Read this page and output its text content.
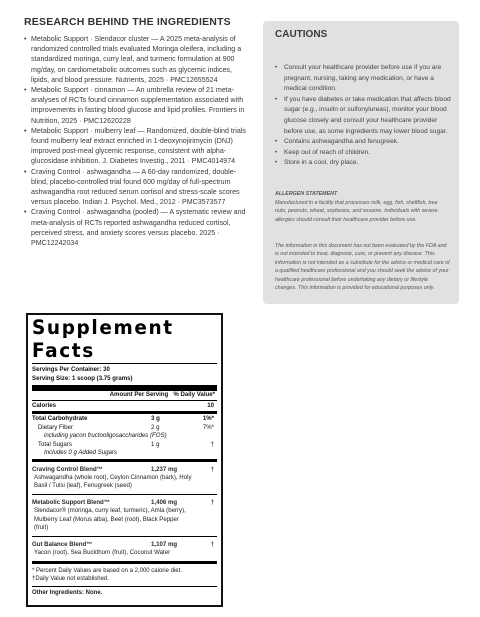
RESEARCH BEHIND THE INGREDIENTS
• Metabolic Support · Slendacor cluster — A 2025 meta-analysis of randomized controlled trials evaluated Moringa oleifera, including a standardized moringa, curry leaf, and turmeric formulation at 900 mg/day, on cardiometabolic outcomes such as glycemic indices, lipids, and blood pressure. Nutrients, 2025 · PMC12655524
• Metabolic Support · cinnamon — An umbrella review of 21 meta-analyses of RCTs found cinnamon supplementation associated with improvements in fasting blood glucose and lipid profiles. Frontiers in Nutrition, 2025 · PMC12620228
• Metabolic Support · mulberry leaf — Randomized, double-blind trials found mulberry leaf extract enriched in 1-deoxynojirimycin (DNJ) improved post-meal glycemic response, consistent with alpha-glucosidase inhibition. J. Diabetes Investig., 2011 · PMC4014974
• Craving Control · ashwagandha — A 60-day randomized, double-blind, placebo-controlled trial found 600 mg/day of full-spectrum ashwagandha root reduced serum cortisol and stress-scale scores versus placebo. Indian J. Psychol. Med., 2012 · PMC3573577
• Craving Control · ashwagandha (pooled) — A systematic review and meta-analysis of RCTs reported ashwagandha reduced cortisol, perceived stress, and anxiety scores versus placebo. 2025 · PMC12242034
CAUTIONS
• Consult your healthcare provider before use if you are pregnant, nursing, taking any medication, or have a medical condition.
• If you have diabetes or take medication that affects blood sugar (e.g., insulin or sulfonylureas), monitor your blood glucose closely and consult your healthcare provider before use, as some ingredients may lower blood sugar.
• Contains ashwagandha and fenugreek.
• Keep out of reach of children.
• Store in a cool, dry place.
ALLERGEN STATEMENT
Manufactured in a facility that processes milk, egg, fish, shellfish, tree nuts, peanuts, wheat, soybeans, and sesame. Individuals with severe allergies should consult their healthcare provider before use.
The information in this document has not been evaluated by the FDA and is not intended to treat, diagnose, cure, or prevent any disease. This information is not intended as a substitute for the advice or medical care of a qualified healthcare professional and you should seek the advice of your healthcare professional before undertaking any dietary or lifestyle changes. This information is provided for educational purposes only.
Supplement Facts
Servings Per Container: 30
Serving Size: 1 scoop (3.75 grams)
Amount Per Serving % Daily Value*
Calories	10
Total Carbohydrate	3 g	1%*
Dietary Fiber	2 g	7%*
including yacon fructooligosaccharides (FOS)
Total Sugars	1 g	†
Includes 0 g Added Sugars
Craving Control Blend™	1,237 mg	†
Ashwagandha (whole root), Ceylon Cinnamon (bark), Holy Basil / Tulsi (leaf), Fenugreek (seed)
Metabolic Support Blend™	1,406 mg	†
Slendacor® (moringa, curry leaf, turmeric), Amla (berry), Mulberry Leaf (Morus alba), Beet (root), Black Pepper (fruit)
Gut Balance Blend™	1,107 mg	†
Yacon (root), Sea Buckthorn (fruit), Coconut Water
* Percent Daily Values are based on a 2,000 calorie diet.
†Daily Value not established.
Other Ingredients: None.
